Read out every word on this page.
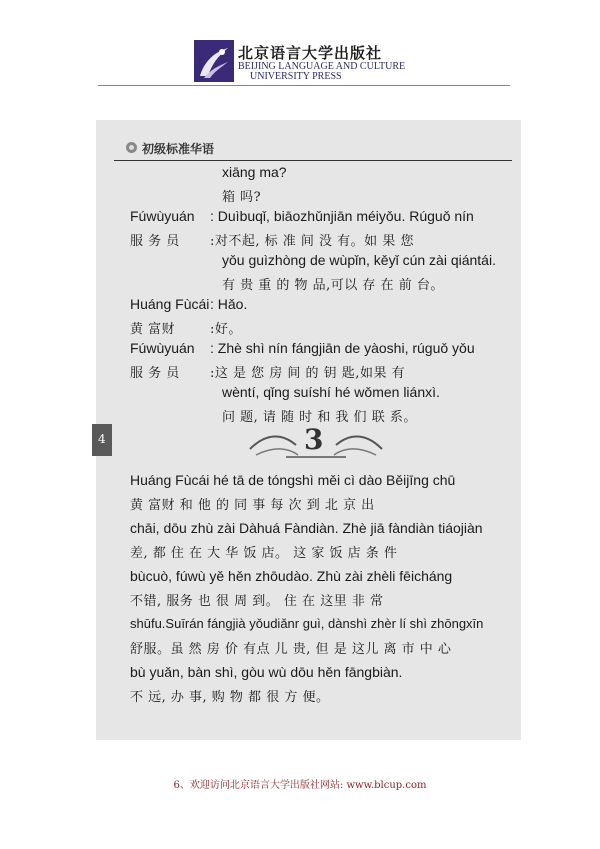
北京语言大学出版社
BEIJING LANGUAGE AND CULTURE
UNIVERSITY PRESS
初级标准华语
4
xiāng ma?
箱 吗?
Fúwùyuán
服 务 员
: Duìbuqǐ, biāozhǔnjiān méiyǒu. Rúguǒ nín
:对不起, 标 准 间 没 有。如 果 您
yǒu guìzhòng de wùpǐn, kěyǐ cún zài qiántái.
有 贵 重 的 物 品,可以 存 在 前 台。
Huáng Fùcái
黄 富财
: Hǎo.
:好。
Fúwùyuán
服 务 员
: Zhè shì nín fángjiān de yàoshi, rúguǒ yǒu
:这 是 您 房 间 的 钥 匙,如果 有
wèntí, qǐng suíshí hé wǒmen liánxì.
问 题, 请 随 时 和 我 们 联 系。
3
Huáng Fùcái hé tā de tóngshì měi cì dào Běijīng chū
黄 富财 和 他 的 同 事 每 次 到 北 京 出
chāi, dōu zhù zài Dàhuá Fàndiàn. Zhè jiā fàndiàn tiáojiàn
差, 都 住 在 大 华 饭 店。 这 家 饭 店 条 件
bùcuò, fúwù yě hěn zhōudào. Zhù zài zhèli fēicháng
不错, 服务 也 很 周 到。 住 在 这里 非 常
shūfu.Suīrán fángjià yǒudiǎnr guì, dànshì zhèr lí shì zhōngxīn
舒服。虽 然 房 价 有点 儿 贵, 但 是 这儿 离 市 中 心
bù yuǎn, bàn shì, gòu wù dōu hěn fāngbiàn.
不 远, 办 事, 购 物 都 很 方 便。
6、欢迎访问北京语言大学出版社网站: www.blcup.com
